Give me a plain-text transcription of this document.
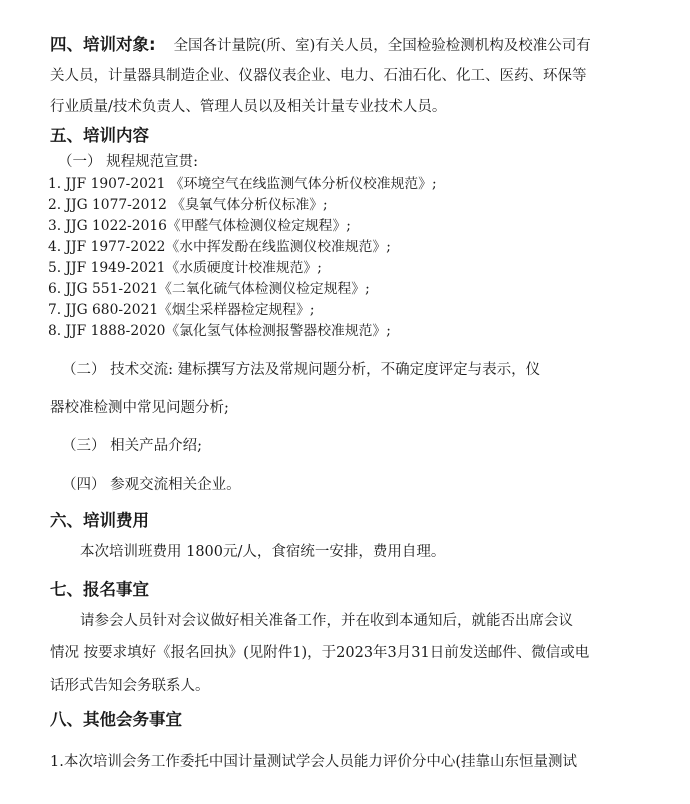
四、培训对象: 全国各计量院(所、室)有关人员，全国检验检测机构及校准公司有
关人员，计量器具制造企业、仪器仪表企业、电力、石油石化、化工、医药、环保等
行业质量/技术负责人、管理人员以及相关计量专业技术人员。
五、培训内容
（一） 规程规范宣贯:
1. JJF 1907-2021 《环境空气在线监测气体分析仪校准规范》;
2. JJG 1077-2012 《臭氧气体分析仪标准》;
3. JJG 1022-2016《甲醛气体检测仪检定规程》;
4. JJF 1977-2022《水中挥发酚在线监测仪校准规范》;
5. JJF 1949-2021《水质硬度计校准规范》;
6. JJG 551-2021《二氧化硫气体检测仪检定规程》;
7. JJG 680-2021《烟尘采样器检定规程》;
8. JJF 1888-2020《氯化氢气体检测报警器校准规范》;
（二） 技术交流: 建标撰写方法及常规问题分析，不确定度评定与表示，仪
器校准检测中常见问题分析;
（三） 相关产品介绍;
（四） 参观交流相关企业。
六、培训费用
本次培训班费用 1800元/人，食宿统一安排，费用自理。
七、报名事宜
请参会人员针对会议做好相关准备工作，并在收到本通知后，就能否出席会议
情况 按要求填好《报名回执》(见附件1)，于2023年3月31日前发送邮件、微信或电
话形式告知会务联系人。
八、其他会务事宜
1.本次培训会务工作委托中国计量测试学会人员能力评价分中心(挂靠山东恒量测试
